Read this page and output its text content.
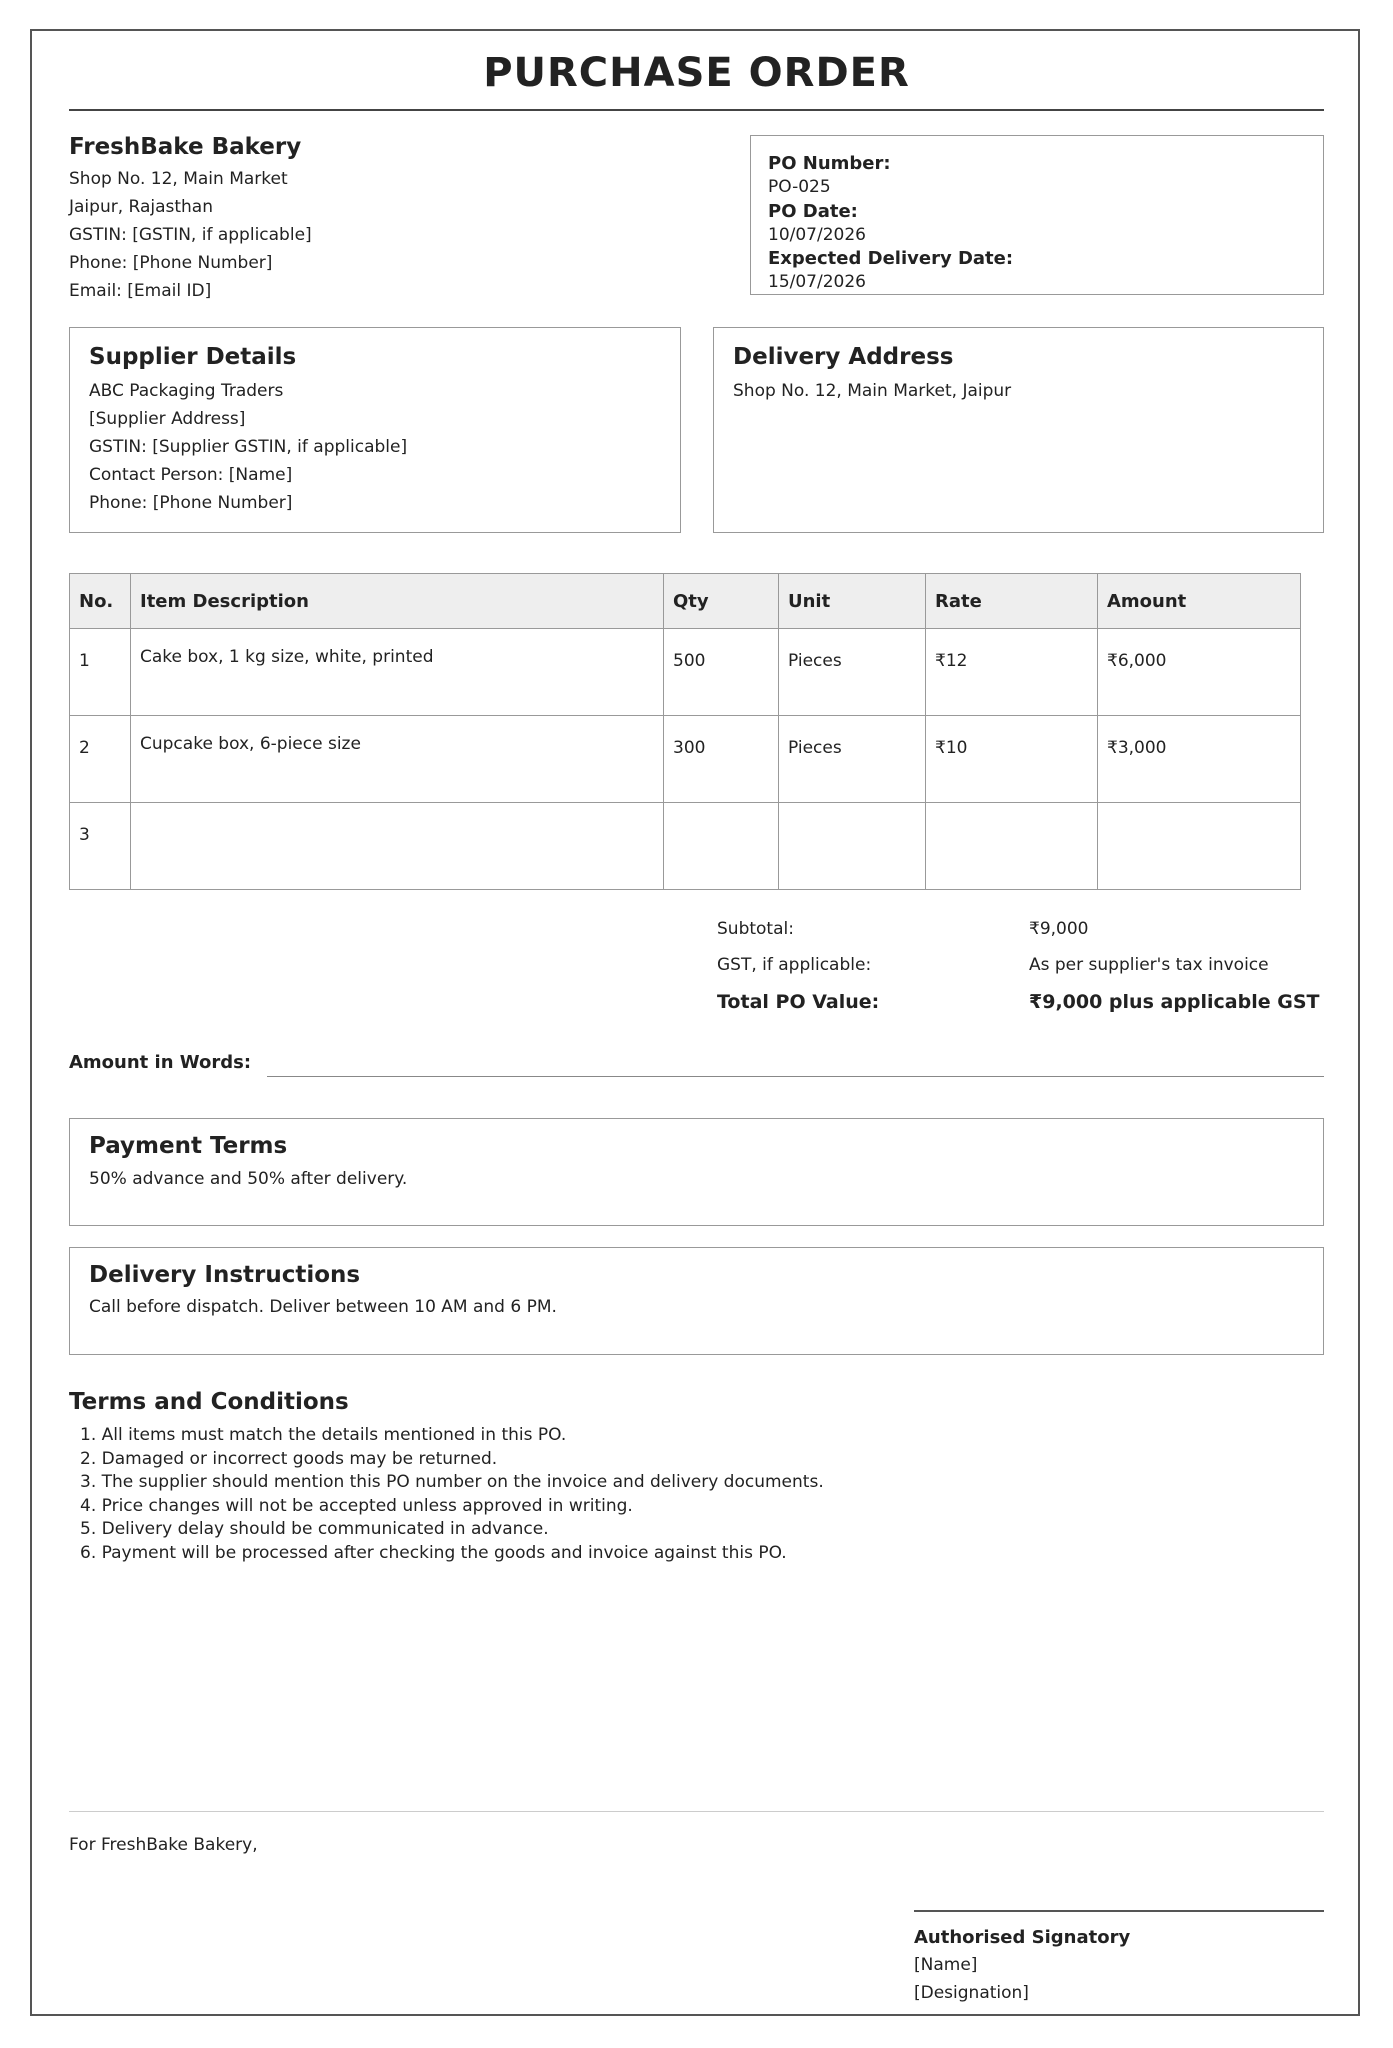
PURCHASE ORDER
FreshBake Bakery
Shop No. 12, Main Market
Jaipur, Rajasthan
GSTIN: [GSTIN, if applicable]
Phone: [Phone Number]
Email: [Email ID]
PO Number:
PO-025
PO Date:
10/07/2026
Expected Delivery Date:
15/07/2026
Supplier Details
ABC Packaging Traders
[Supplier Address]
GSTIN: [Supplier GSTIN, if applicable]
Contact Person: [Name]
Phone: [Phone Number]
Delivery Address
Shop No. 12, Main Market, Jaipur
No.	Item Description	Qty	Unit	Rate	Amount

1	Cake box, 1 kg size, white, printed	500	Pieces	₹12	₹6,000

2	Cupcake box, 6-piece size	300	Pieces	₹10	₹3,000

3					

Subtotal:	₹9,000
GST, if applicable:	As per supplier's tax invoice
Total PO Value:	₹9,000 plus applicable GST
Amount in Words:
Payment Terms
50% advance and 50% after delivery.
Delivery Instructions
Call before dispatch. Deliver between 10 AM and 6 PM.
Terms and Conditions
1. All items must match the details mentioned in this PO.
2. Damaged or incorrect goods may be returned.
3. The supplier should mention this PO number on the invoice and delivery documents.
4. Price changes will not be accepted unless approved in writing.
5. Delivery delay should be communicated in advance.
6. Payment will be processed after checking the goods and invoice against this PO.
For FreshBake Bakery,
Authorised Signatory
[Name]
[Designation]
